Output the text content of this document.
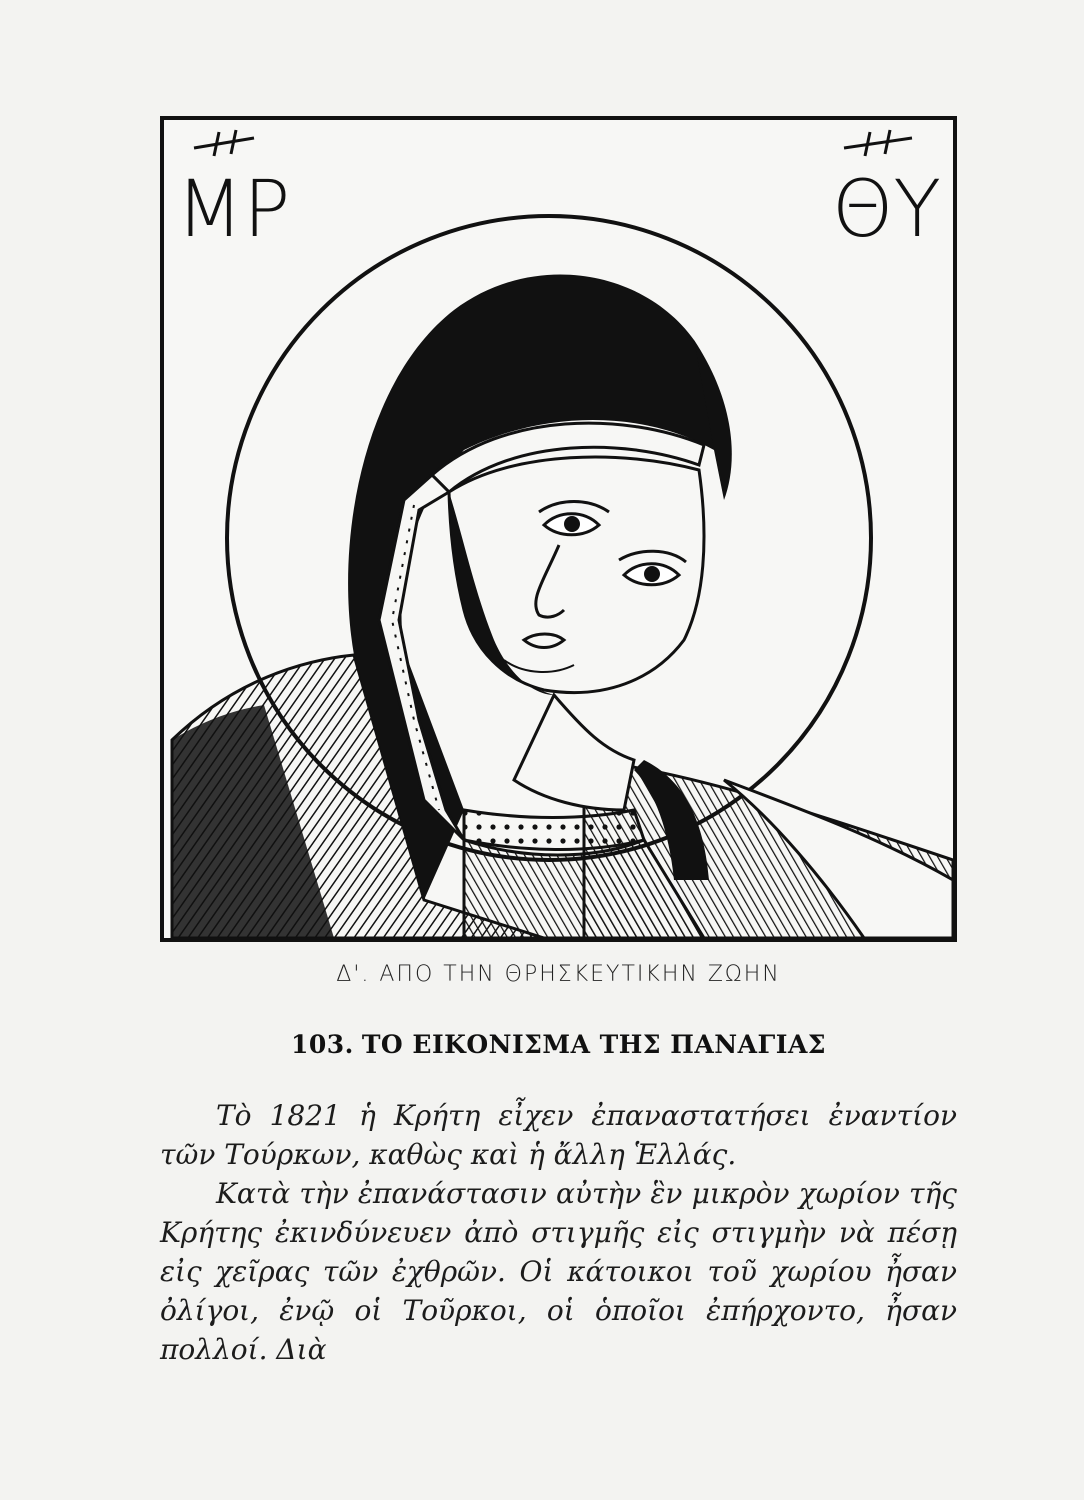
ΜΡ	ΘΥ
Δ'. ΑΠΟ ΤΗΝ ΘΡΗΣΚΕΥΤΙΚΗΝ ΖΩΗΝ
103. ΤΟ ΕΙΚΟΝΙΣΜΑ ΤΗΣ ΠΑΝΑΓΙΑΣ

Τὸ 1821 ἡ Κρήτη εἶχεν ἐπαναστατήσει ἐναντίον τῶν Τούρκων, καθὼς καὶ ἡ ἄλλη Ἑλλάς.

Κατὰ τὴν ἐπανάστασιν αὐτὴν ἓν μικρὸν χωρίον τῆς Κρήτης ἐκινδύνευεν ἀπὸ στιγμῆς εἰς στιγμὴν νὰ πέσῃ εἰς χεῖρας τῶν ἐχθρῶν. Οἱ κάτοικοι τοῦ χωρίου ἦσαν ὀλίγοι, ἐνῷ οἱ Τοῦρκοι, οἱ ὁποῖοι ἐπήρχοντο, ἦσαν πολλοί. Διὰ
